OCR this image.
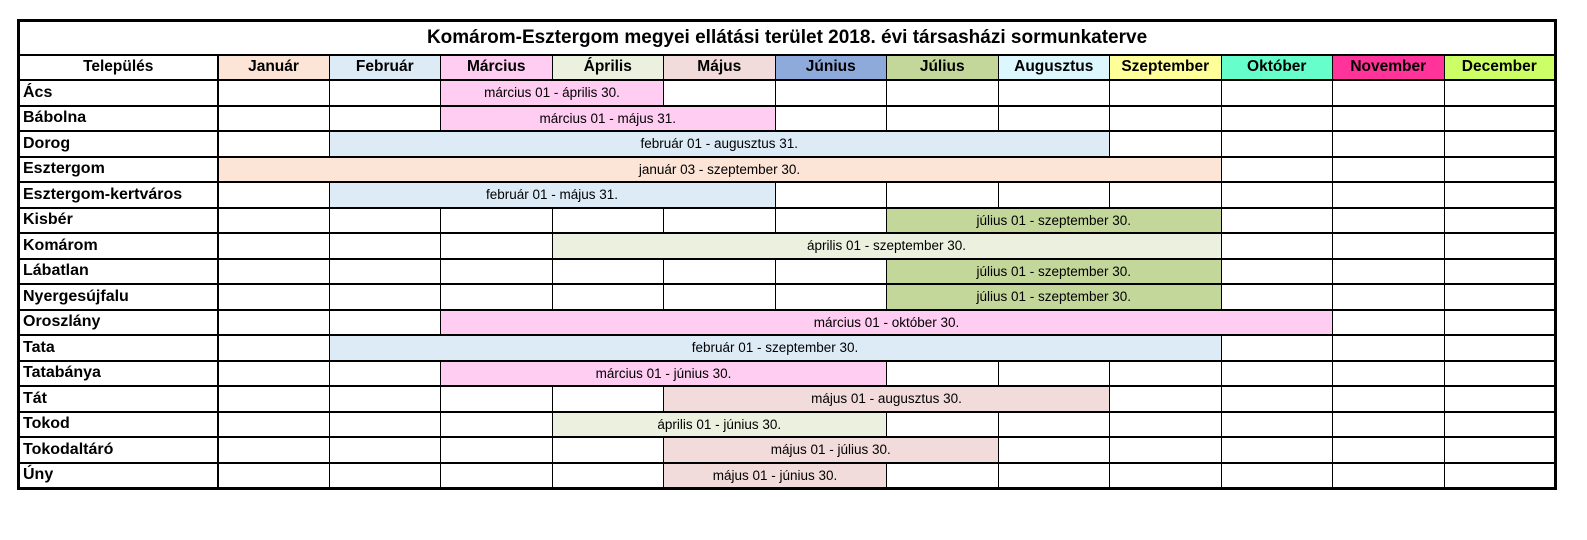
Komárom-Esztergom megyei ellátási terület 2018. évi társasházi sormunkaterve												
Település	Január	Február	Március	Április	Május	Június	Július	Augusztus	Szeptember	Október	November	December
Ács			március 01 - április 30.									
Bábolna			március 01 - május 31.									
Dorog		február 01 - augusztus 31.										
Esztergom	január 03 - szeptember 30.											
Esztergom-kertváros		február 01 - május 31.										
Kisbér							július 01 - szeptember 30.					
Komárom				április 01 - szeptember 30.								
Lábatlan							július 01 - szeptember 30.					
Nyergesújfalu							július 01 - szeptember 30.					
Oroszlány			március 01 - október 30.									
Tata		február 01 - szeptember 30.										
Tatabánya			március 01 - június 30.									
Tát					május 01 - augusztus 30.							
Tokod				április 01 - június 30.								
Tokodaltáró					május 01 - július 30.							
Úny					május 01 - június 30.							
